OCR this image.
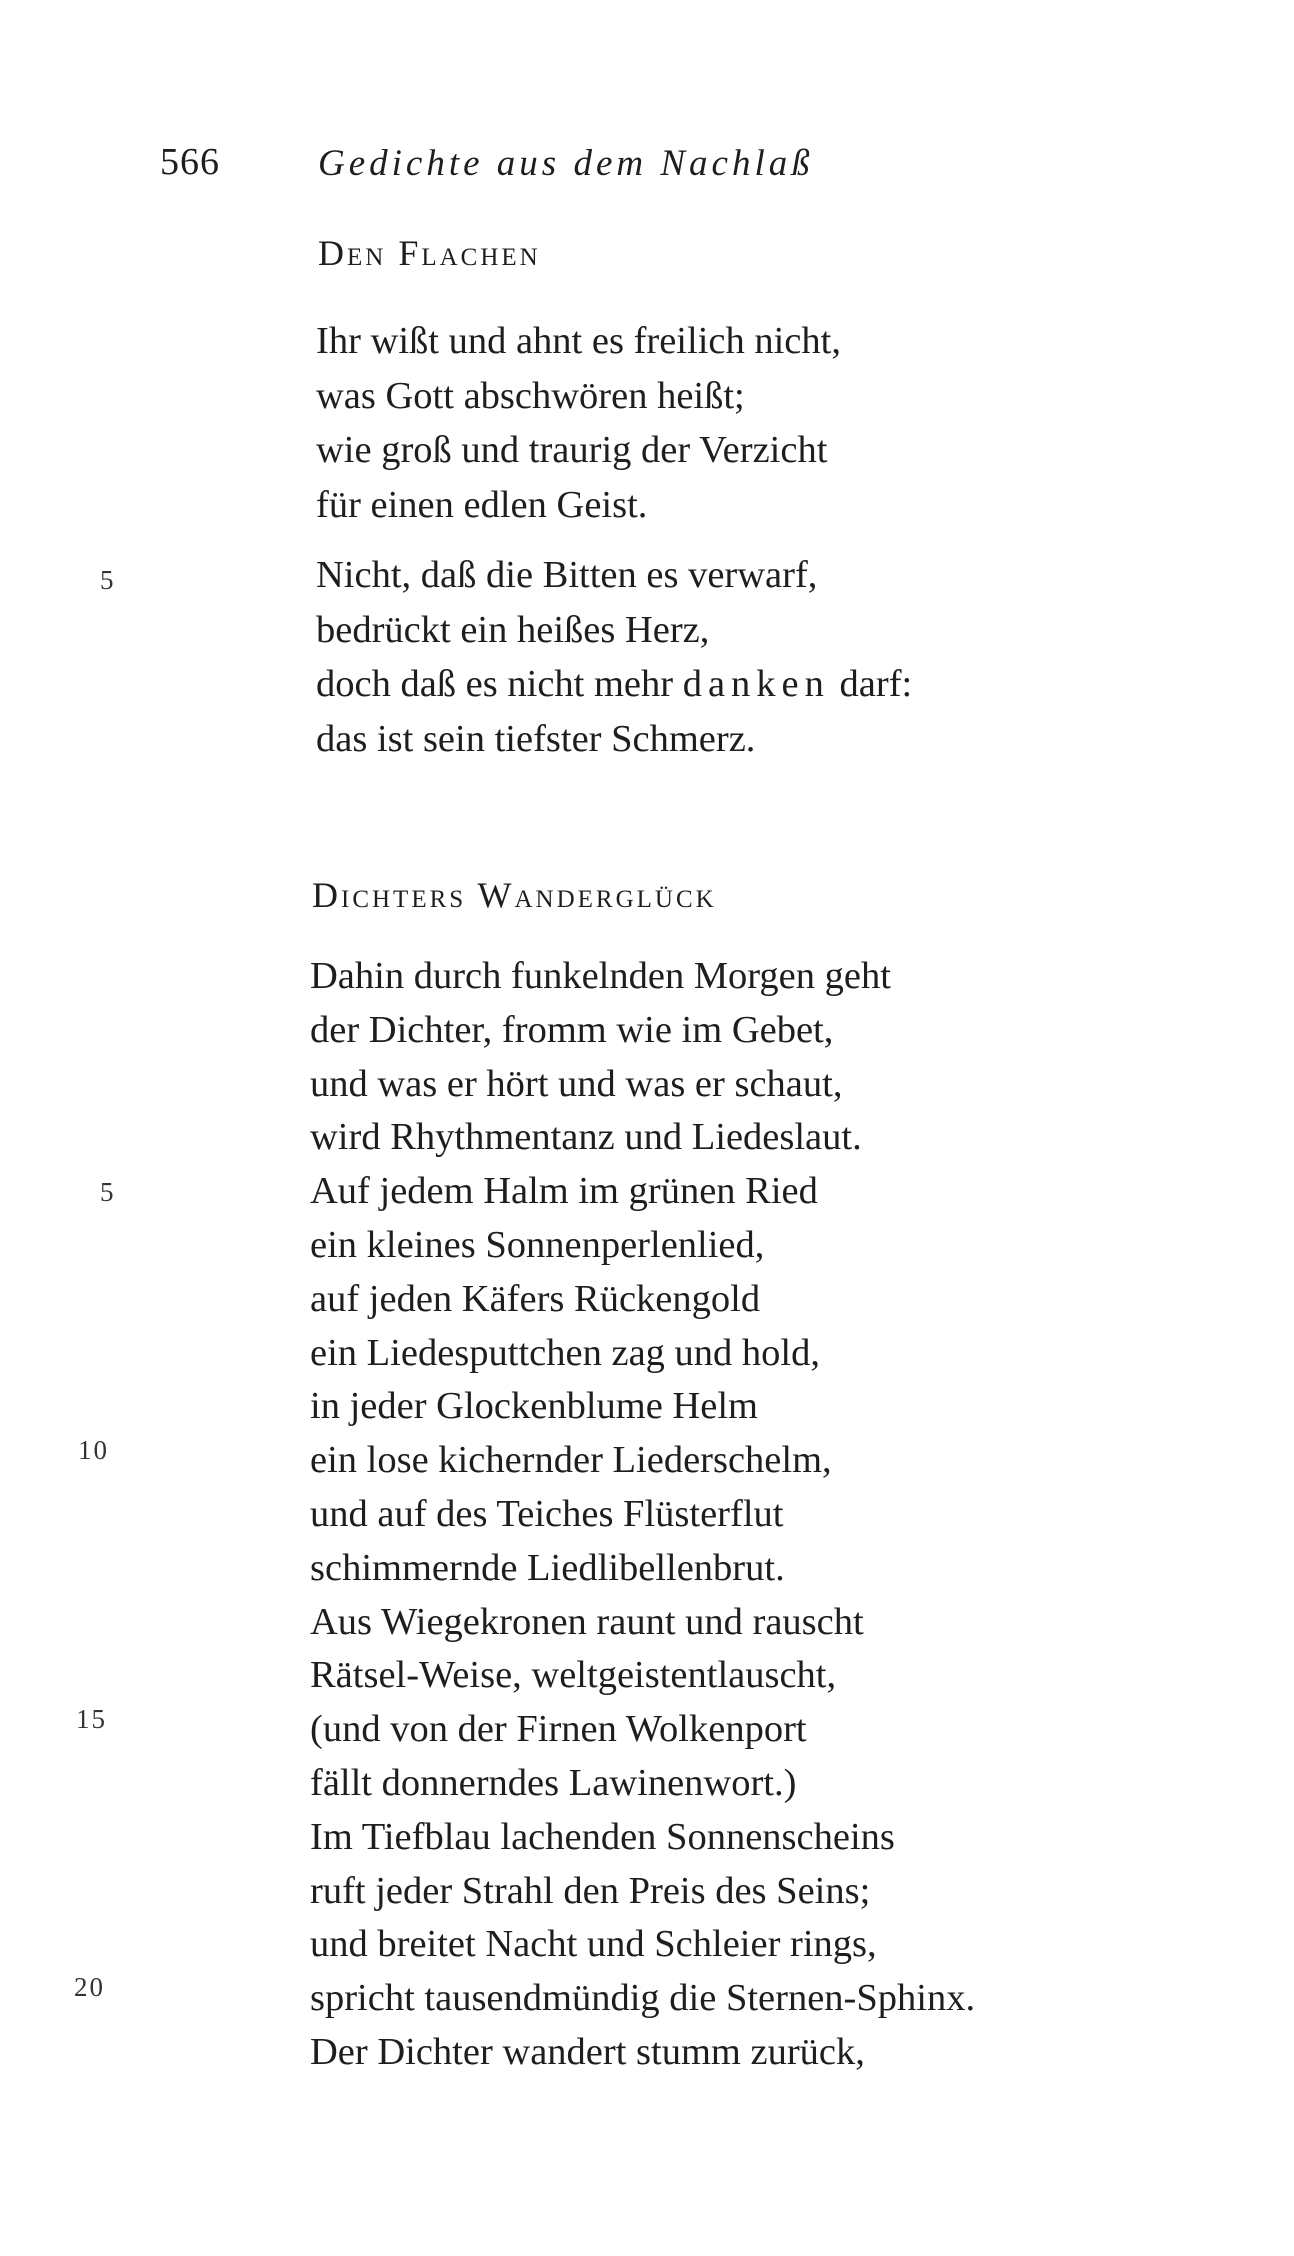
566	Gedichte aus dem Nachlaß
Den Flachen
Ihr wißt und ahnt es freilich nicht,
was Gott abschwören heißt;
wie groß und traurig der Verzicht
für einen edlen Geist.
5	Nicht, daß die Bitten es verwarf,
bedrückt ein heißes Herz,
doch daß es nicht mehr danken darf:
das ist sein tiefster Schmerz.
Dichters Wanderglück
Dahin durch funkelnden Morgen geht
der Dichter, fromm wie im Gebet,
und was er hört und was er schaut,
wird Rhythmentanz und Liedeslaut.
Auf jedem Halm im grünen Ried
ein kleines Sonnenperlenlied,
auf jeden Käfers Rückengold
ein Liedesputtchen zag und hold,
in jeder Glockenblume Helm
ein lose kichernder Liederschelm,
und auf des Teiches Flüsterflut
schimmernde Liedlibellenbrut.
Aus Wiegekronen raunt und rauscht
Rätsel-Weise, weltgeistentlauscht,
(und von der Firnen Wolkenport
fällt donnerndes Lawinenwort.)
Im Tiefblau lachenden Sonnenscheins
ruft jeder Strahl den Preis des Seins;
und breitet Nacht und Schleier rings,
spricht tausendmündig die Sternen-Sphinx.
Der Dichter wandert stumm zurück,
5
10
15
20
